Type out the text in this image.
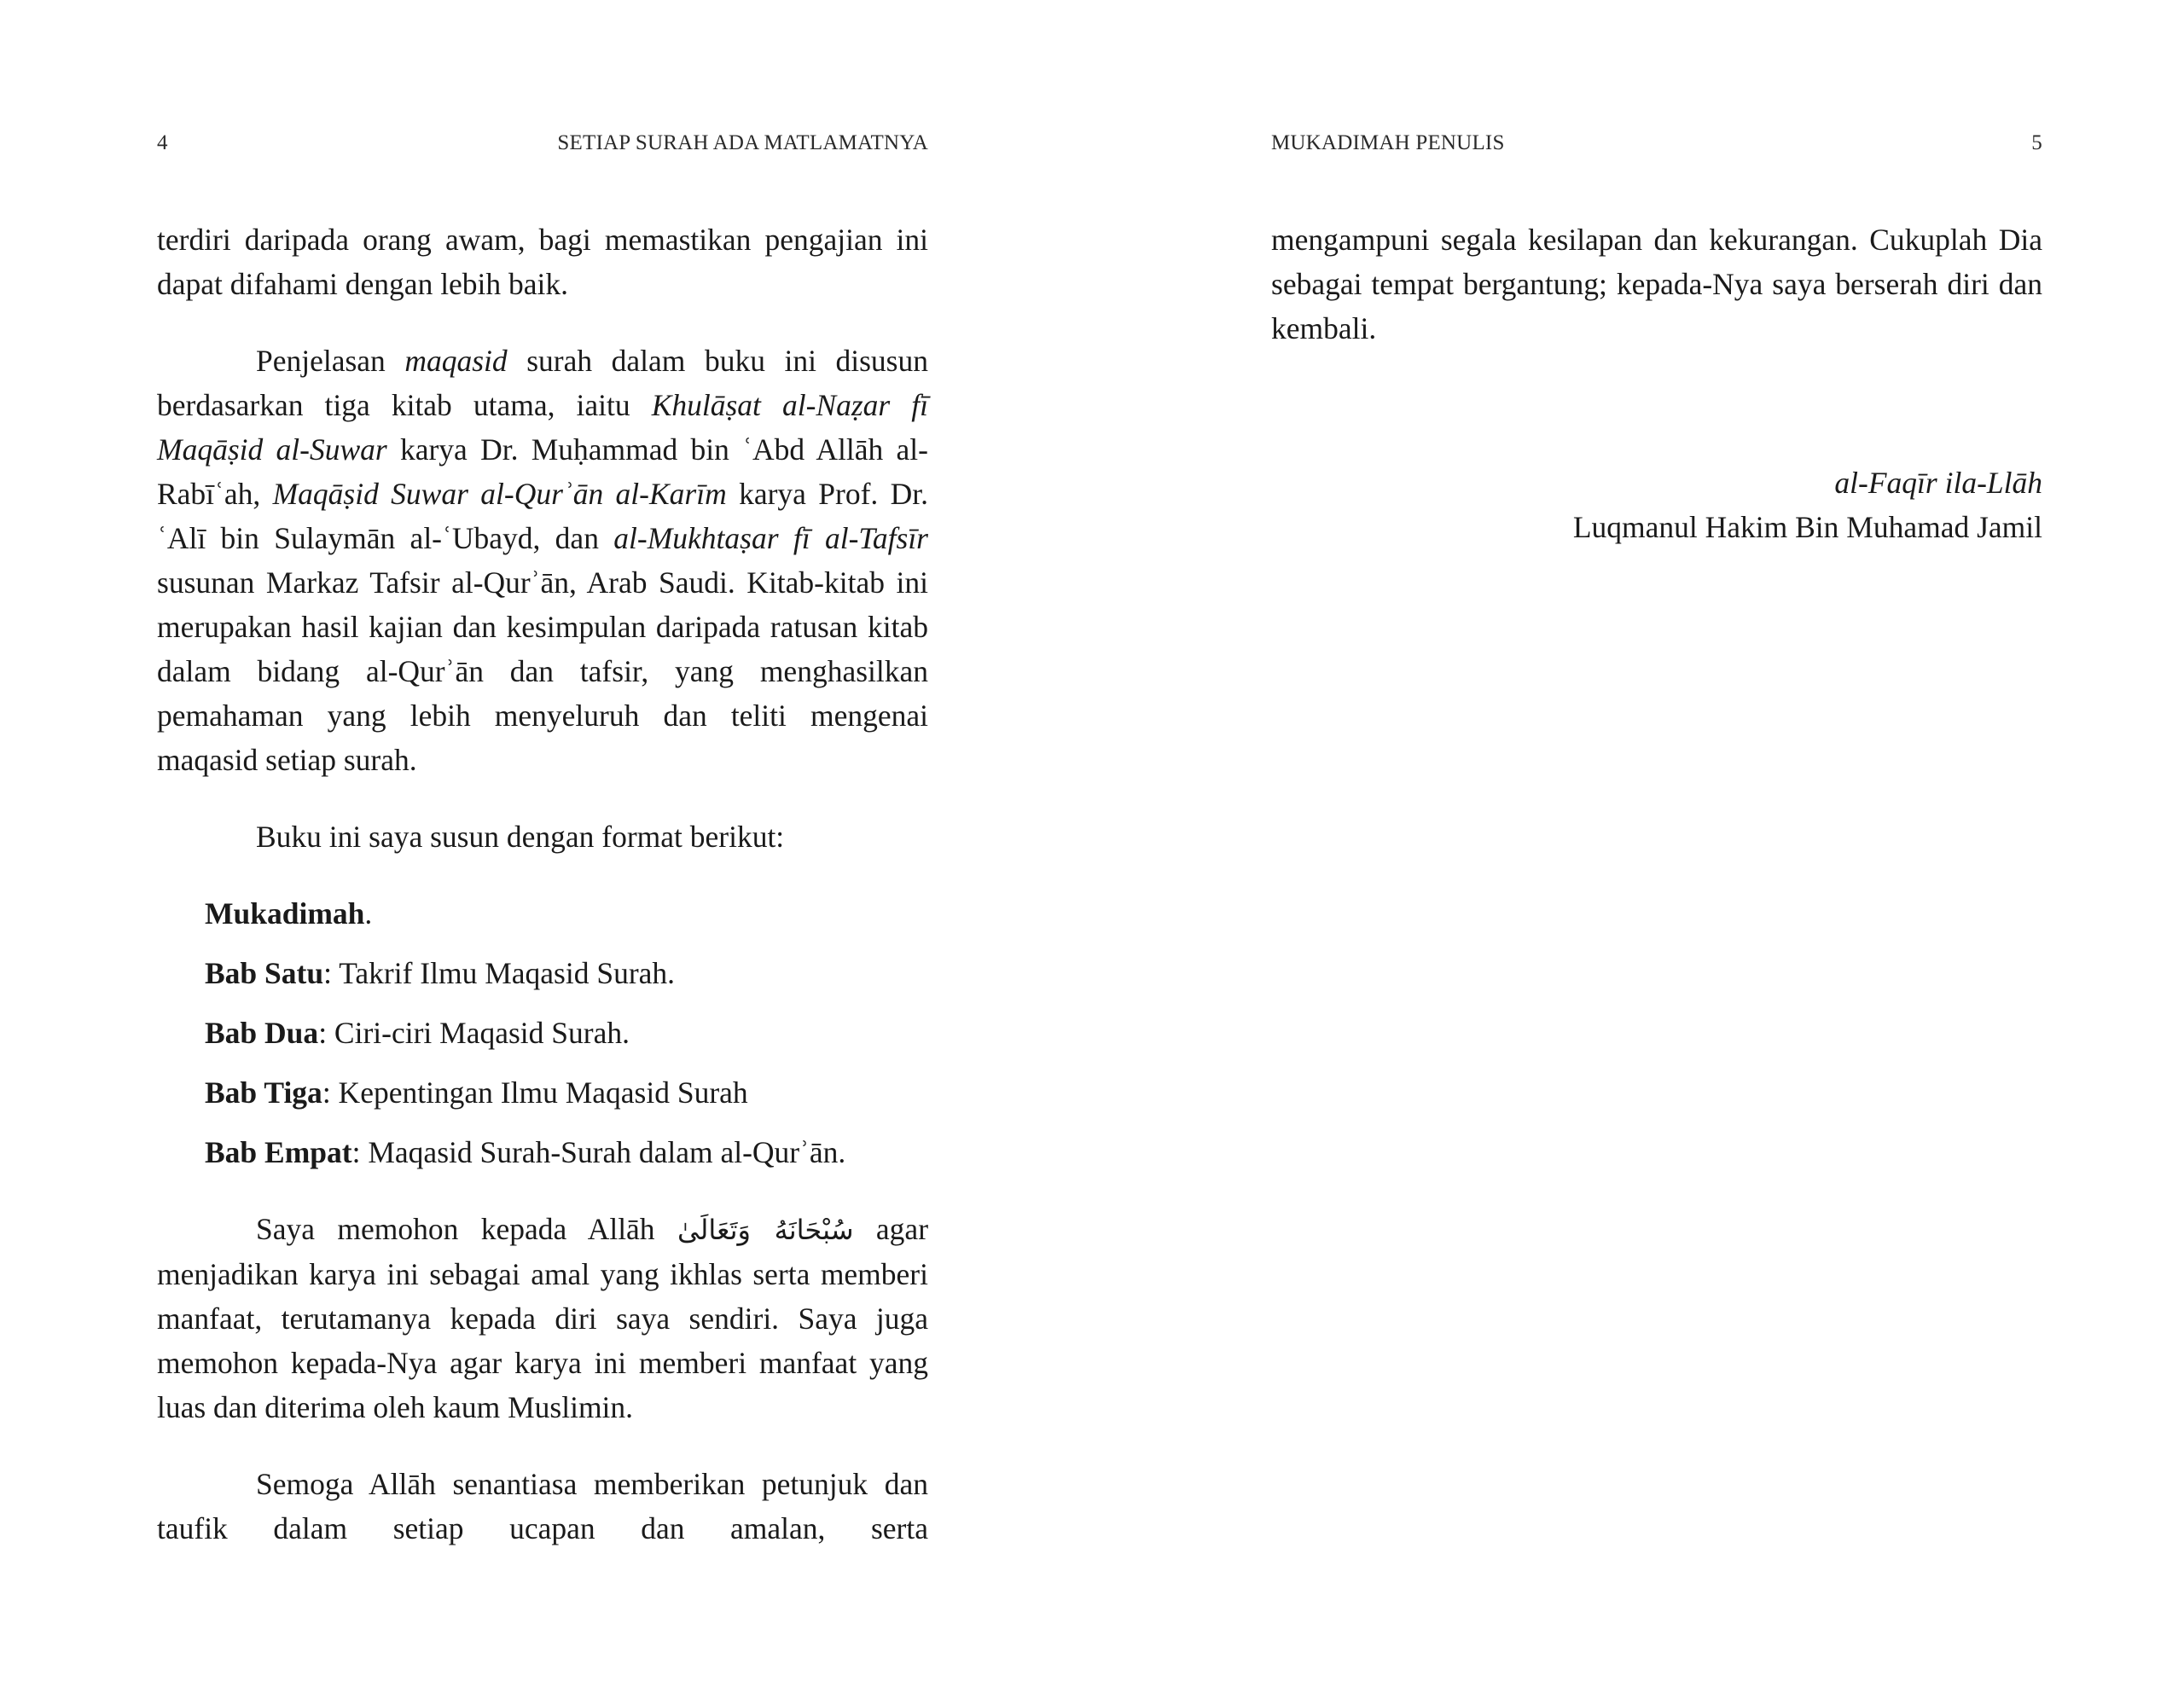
4	SETIAP SURAH ADA MATLAMATNYA

terdiri daripada orang awam, bagi memastikan pengajian ini dapat difahami dengan lebih baik.

Penjelasan maqasid surah dalam buku ini disusun berdasarkan tiga kitab utama, iaitu Khulāṣat al-Naẓar fī Maqāṣid al-Suwar karya Dr. Muḥammad bin ʿAbd Allāh al-Rabīʿah, Maqāṣid Suwar al-Qurʾān al-Karīm karya Prof. Dr. ʿAlī bin Sulaymān al-ʿUbayd, dan al-Mukhtaṣar fī al-Tafsīr susunan Markaz Tafsir al-Qurʾān, Arab Saudi. Kitab-kitab ini merupakan hasil kajian dan kesimpulan daripada ratusan kitab dalam bidang al-Qurʾān dan tafsir, yang menghasilkan pemahaman yang lebih menyeluruh dan teliti mengenai maqasid setiap surah.

Buku ini saya susun dengan format berikut:

Mukadimah.
Bab Satu: Takrif Ilmu Maqasid Surah.
Bab Dua: Ciri-ciri Maqasid Surah.
Bab Tiga: Kepentingan Ilmu Maqasid Surah
Bab Empat: Maqasid Surah-Surah dalam al-Qurʾān.

Saya memohon kepada Allāh سُبْحَانَهُ وَتَعَالَىٰ agar menjadikan karya ini sebagai amal yang ikhlas serta memberi manfaat, terutamanya kepada diri saya sendiri. Saya juga memohon kepada-Nya agar karya ini memberi manfaat yang luas dan diterima oleh kaum Muslimin.

Semoga Allāh senantiasa memberikan petunjuk dan taufik dalam setiap ucapan dan amalan, serta

MUKADIMAH PENULIS	5

mengampuni segala kesilapan dan kekurangan. Cukuplah Dia sebagai tempat bergantung; kepada-Nya saya berserah diri dan kembali.

al-Faqīr ila-Llāh
Luqmanul Hakim Bin Muhamad Jamil
